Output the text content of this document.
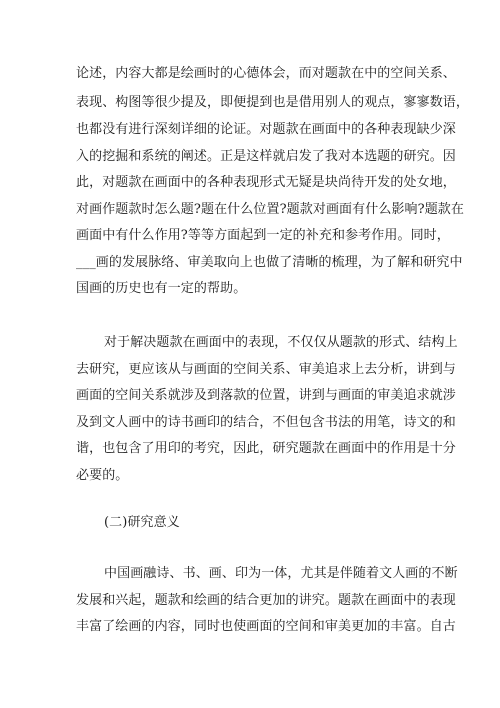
论述，内容大都是绘画时的心德体会，而对题款在中的空间关系、
表现、构图等很少提及，即便提到也是借用别人的观点，寥寥数语，
也都没有进行深刻详细的论证。对题款在画面中的各种表现缺少深
入的挖掘和系统的阐述。正是这样就启发了我对本选题的研究。因
此，对题款在画面中的各种表现形式无疑是块尚待开发的处女地，
对画作题款时怎么题?题在什么位置?题款对画面有什么影响?题款在
画面中有什么作用?等等方面起到一定的补充和参考作用。同时，
___画的发展脉络、审美取向上也做了清晰的梳理，为了解和研究中
国画的历史也有一定的帮助。
对于解决题款在画面中的表现，不仅仅从题款的形式、结构上
去研究，更应该从与画面的空间关系、审美追求上去分析，讲到与
画面的空间关系就涉及到落款的位置，讲到与画面的审美追求就涉
及到文人画中的诗书画印的结合，不但包含书法的用笔，诗文的和
谐，也包含了用印的考究，因此，研究题款在画面中的作用是十分
必要的。
(二)研究意义
中国画融诗、书、画、印为一体，尤其是伴随着文人画的不断
发展和兴起，题款和绘画的结合更加的讲究。题款在画面中的表现
丰富了绘画的内容，同时也使画面的空间和审美更加的丰富。自古
